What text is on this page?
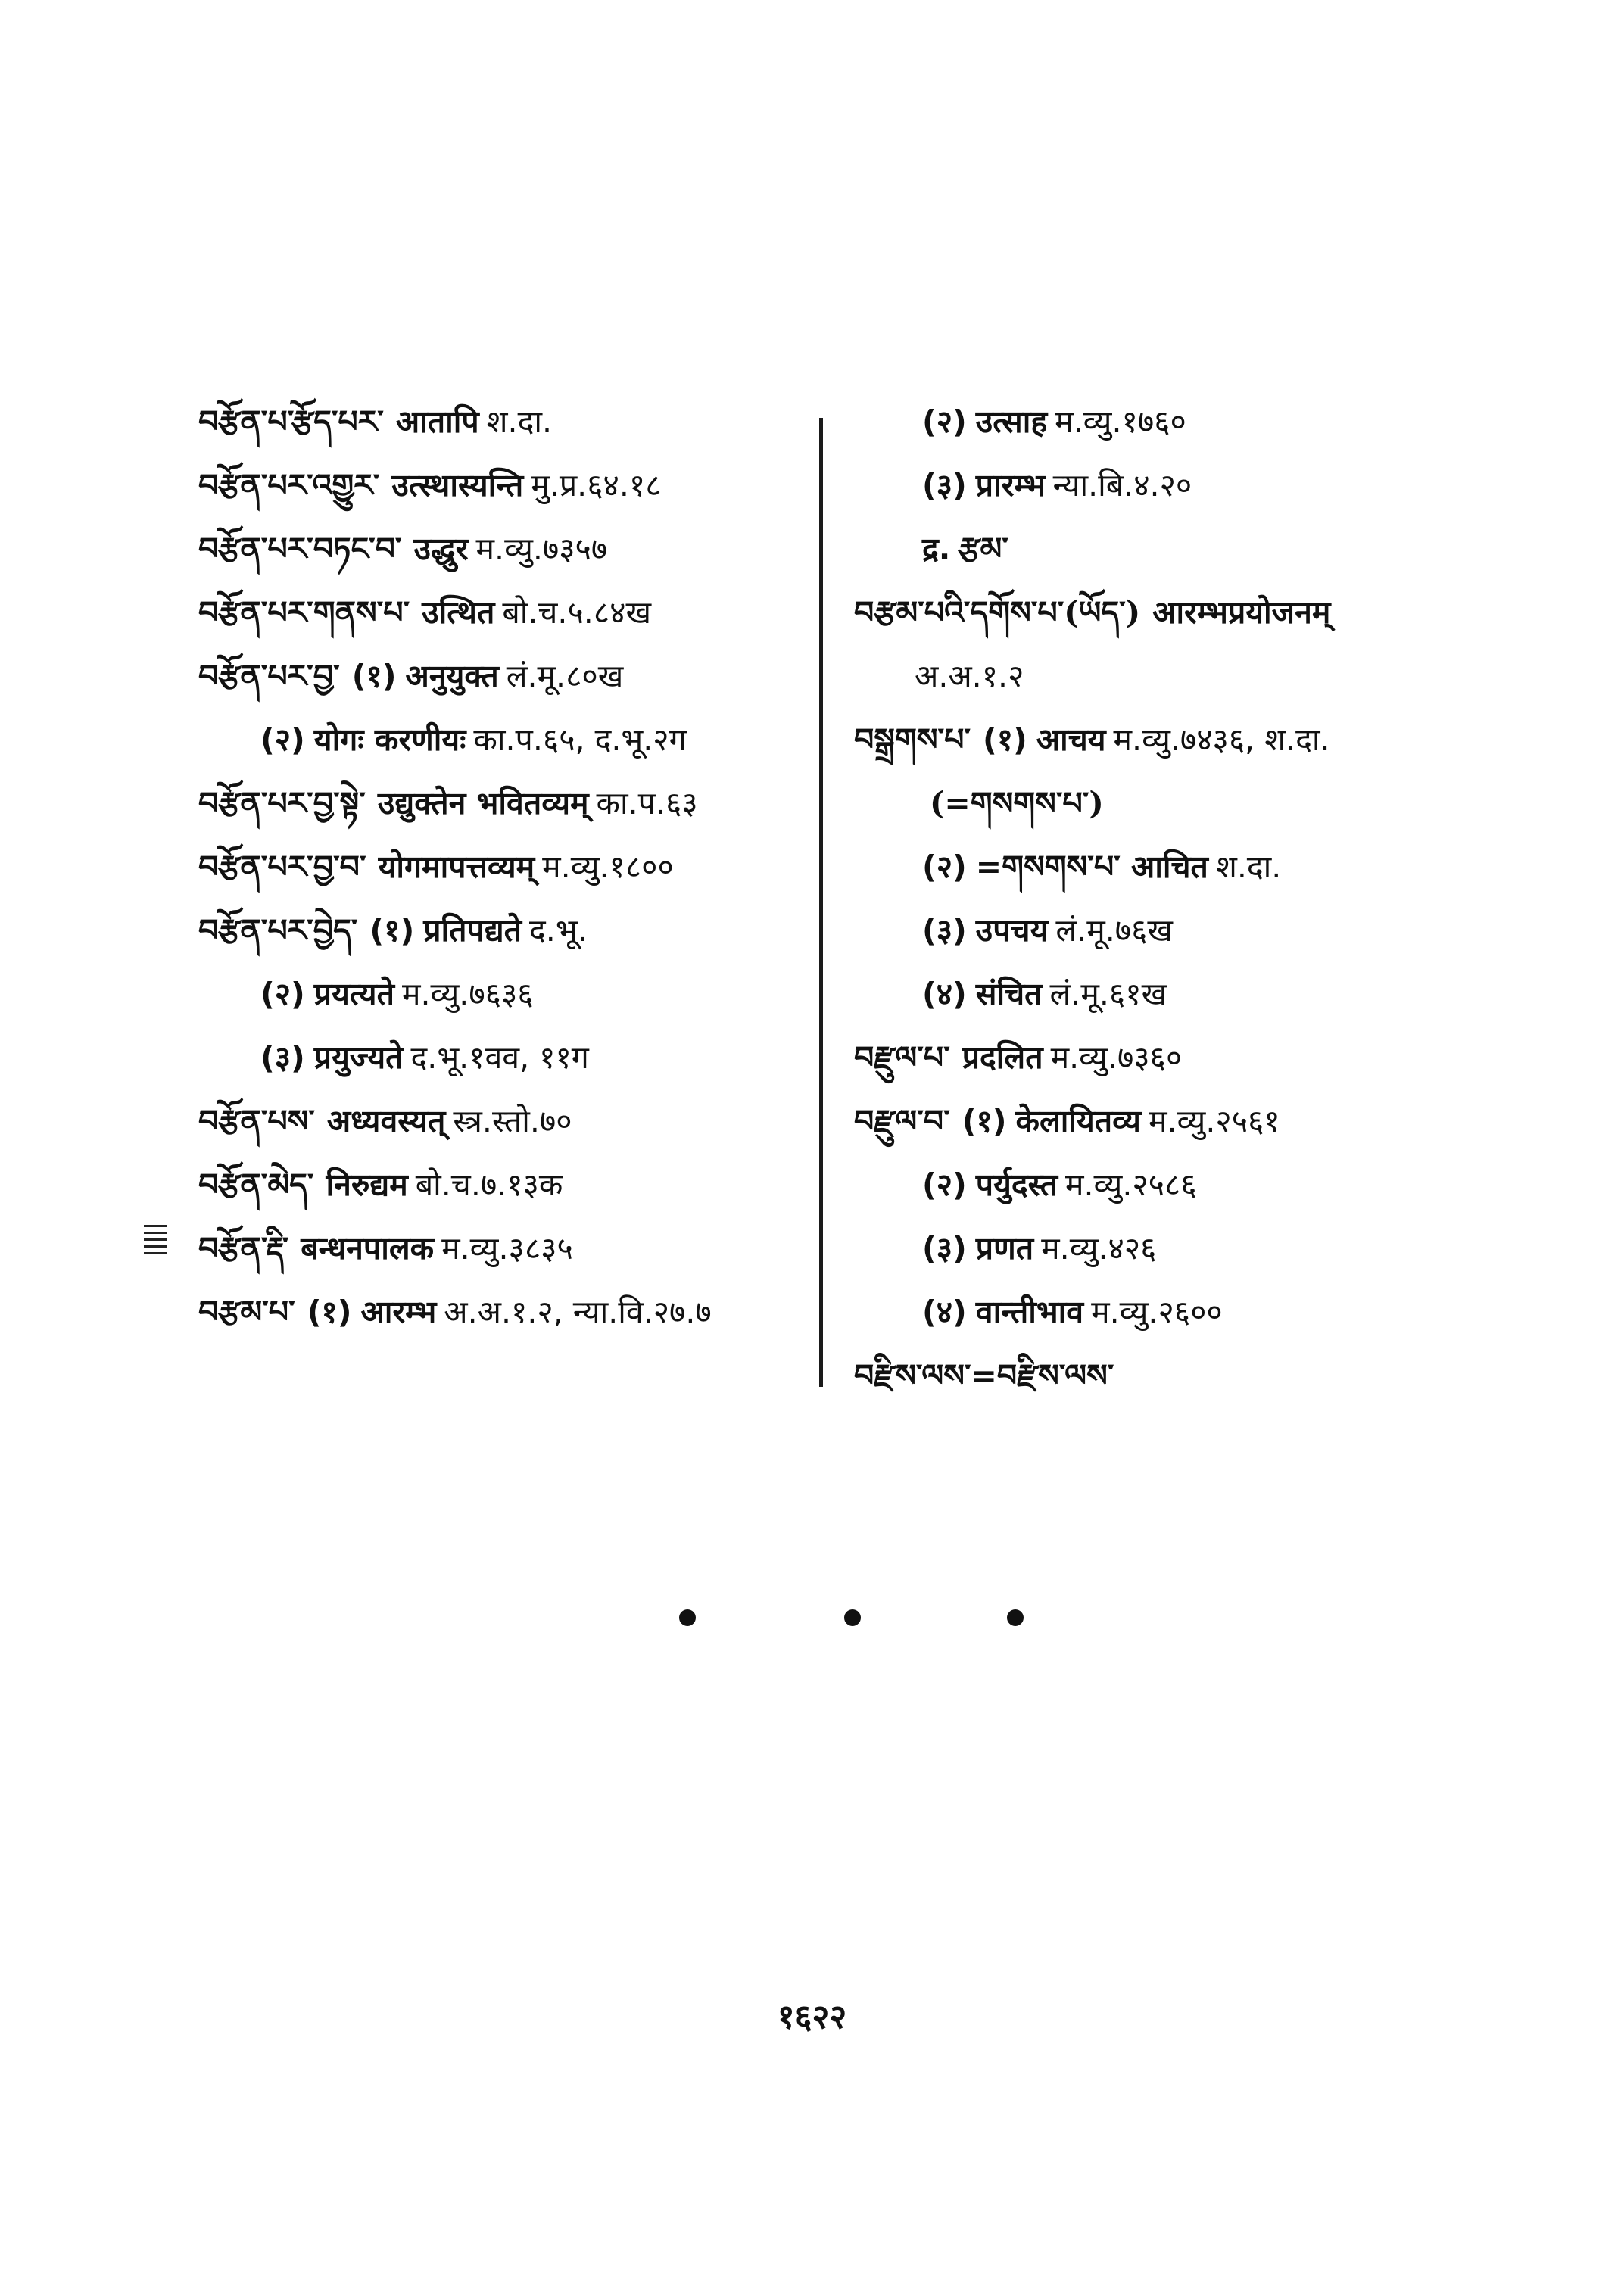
བརྩོན་པ་རྩོད་པར་ आतापि श.दा.
བརྩོན་པར་འགྱུར་ उत्स्थास्यन्ति मु.प्र.६४.१८
བརྩོན་པར་བཏང་བ་ उद्धुर म.व्यु.७३५७
བརྩོན་པར་གནས་པ་ उत्थित बो.च.५.८४ख
བརྩོན་པར་བྱ་ (१) अनुयुक्त लं.मू.८०ख
(२) योगः करणीयः का.प.६५, द.भू.२ग
བརྩོན་པར་བྱ་སྟེ་ उद्युक्तेन भवितव्यम् का.प.६३
བརྩོན་པར་བྱ་བ་ योगमापत्तव्यम् म.व्यु.१८००
བརྩོན་པར་བྱེད་ (१) प्रतिपद्यते द.भू.
(२) प्रयत्यते म.व्यु.७६३६
(३) प्रयुज्यते द.भू.१वव, ११ग
བརྩོན་པས་ अध्यवस्यत् स्त्र.स्तो.७०
བརྩོན་མེད་ निरुद्यम बो.च.७.१३क
བརྩོན་རྡི་ बन्धनपालक म.व्यु.३८३५
བརྩམ་པ་ (१) आरम्भ अ.अ.१.२, न्या.वि.२७.७
(२) उत्साह म.व्यु.१७६०
(३) प्रारम्भ न्या.बि.४.२०
द्र. རྩམ་
བརྩམ་པའི་དགོས་པ་(ཡོད་) आरम्भप्रयोजनम्
अ.अ.१.२
བསྒྲགས་པ་ (१) आचय म.व्यु.७४३६, श.दा.
(=གསགས་པ་)
(२) =གསགས་པ་ आचित श.दा.
(३) उपचय लं.मू.७६ख
(४) संचित लं.मू.६१ख
བརྫུལ་པ་ प्रदलित म.व्यु.७३६०
བརྫུལ་བ་ (१) केलायितव्य म.व्यु.२५६१
(२) पर्युदस्त म.व्यु.२५८६
(३) प्रणत म.व्यु.४२६
(४) वान्तीभाव म.व्यु.२६००
བརྫིས་ལས་=བརྫིས་ལས་
१६२२
